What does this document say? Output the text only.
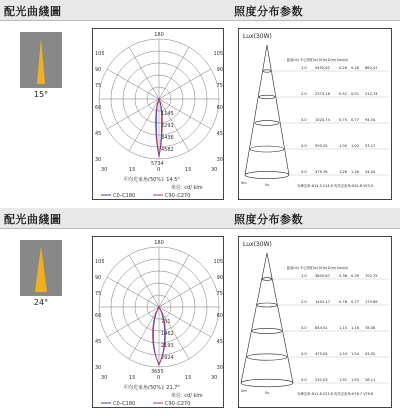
配光曲綫圖	照度分布参数
15°
180
105
90
75
60
45
30
105
90
75
60
45
30
1145
2291
3436
4582
5734
30	15	0	15	30
平均光束角(50%): 14.5°
单位: cd/ klm
C0–C180	C90–C270
Lux(30W)
距离(m) 中心照度(lx) D(m) D(m) Eav(lx)
1.0 5492.62	0.26 0.26 862.47
2.0 2373.16	0.52 0.51 212.74
3.0 1024.74	0.75 0.77 94.54
4.0 595.25	1.00 1.02 53.17
5.0 379.76	1.26 1.26 34.04
0m	0v	半峰边角:H14.5 V14.8 有效光束角:H52.8 V53.5
配光曲綫圖	照度分布参数
24°
180
105
90
75
60
45
30
105
90
75
60
45
30
731
1462
2193
2924
3655
30	15	0	15	30
平均光束角(50%): 21.7°
单位: cd/ klm
C0–C180	C90–C270
Lux(30W)
距离(m) 中心照度(lx) D(m) D(m) Eav(lx)
1.0 3805.67	0.38 0.39 702.75
2.0 1402.17	0.78 0.77 175.69
3.0 844.52	1.15 1.16 78.08
4.0 475.04	1.54 1.54 43.92
5.0 232.03	1.91 1.93 28.11
0m	0v	半峰边角:H21.8 V21.8 有效光束角:H76.7 V76.8
